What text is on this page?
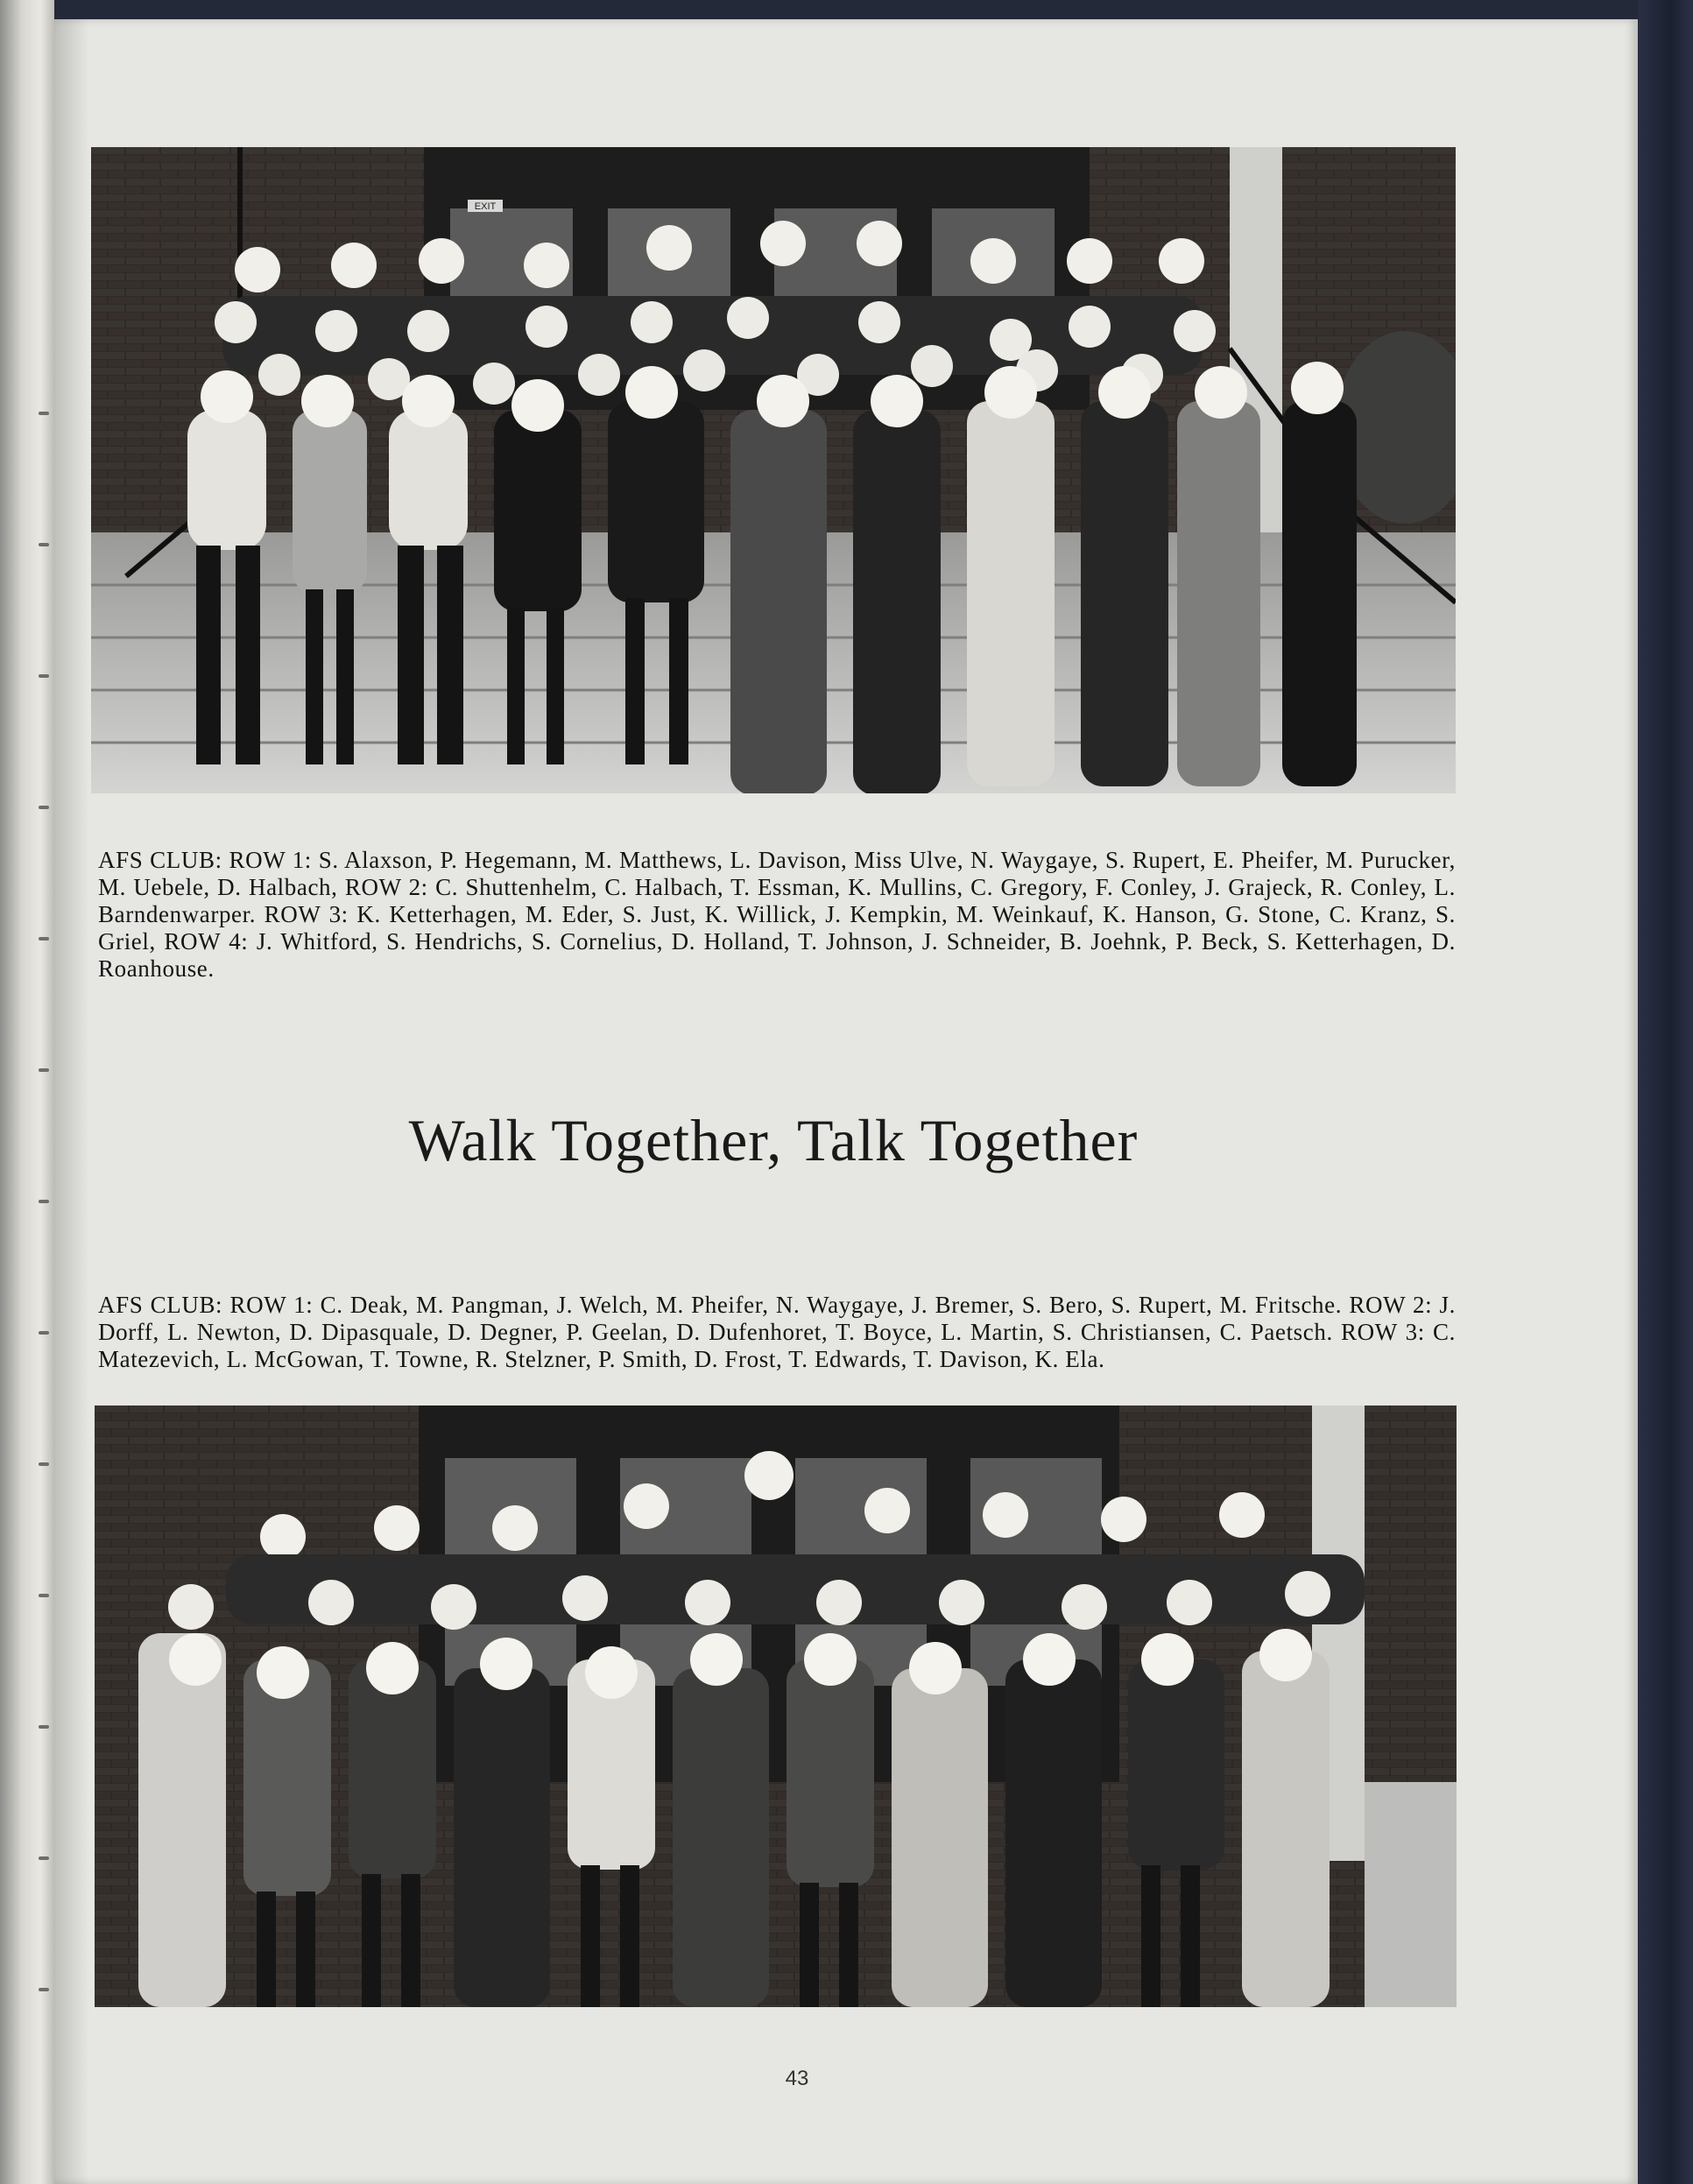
EXIT

AFS CLUB: ROW 1: S. Alaxson, P. Hegemann, M. Matthews, L. Davison, Miss Ulve, N. Waygaye, S. Rupert, E. Pheifer, M. Purucker, M. Uebele, D. Halbach, ROW 2: C. Shuttenhelm, C. Halbach, T. Essman, K. Mullins, C. Gregory, F. Conley, J. Grajeck, R. Conley, L. Barndenwarper. ROW 3: K. Ketterhagen, M. Eder, S. Just, K. Willick, J. Kempkin, M. Weinkauf, K. Hanson, G. Stone, C. Kranz, S. Griel, ROW 4: J. Whitford, S. Hendrichs, S. Cornelius, D. Holland, T. Johnson, J. Schneider, B. Joehnk, P. Beck, S. Ketterhagen, D. Roanhouse.

Walk Together, Talk Together

AFS CLUB: ROW 1: C. Deak, M. Pangman, J. Welch, M. Pheifer, N. Waygaye, J. Bremer, S. Bero, S. Rupert, M. Fritsche. ROW 2: J. Dorff, L. Newton, D. Dipasquale, D. Degner, P. Geelan, D. Dufenhoret, T. Boyce, L. Martin, S. Christiansen, C. Paetsch. ROW 3: C. Matezevich, L. McGowan, T. Towne, R. Stelzner, P. Smith, D. Frost, T. Edwards, T. Davison, K. Ela.

43
